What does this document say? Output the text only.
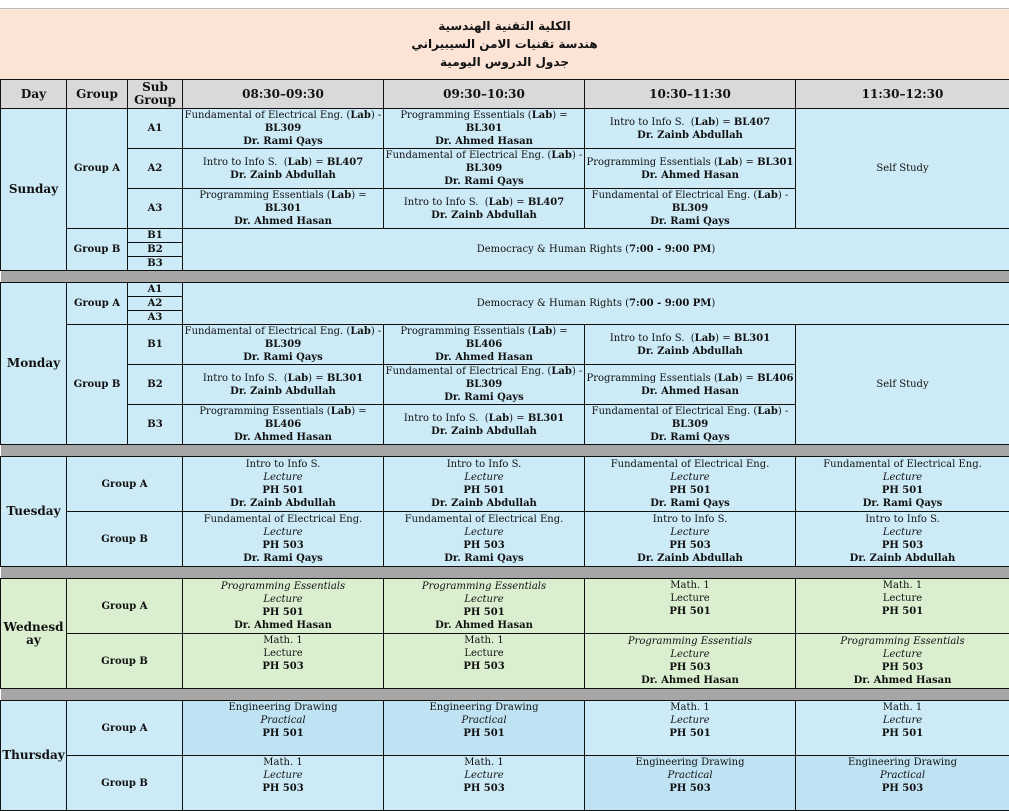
الكلية التقنية الهندسية
هندسة تقنيات الامن السيبيراني
جدول الدروس اليومية
Day	Group	Sub Group	08:30–09:30	09:30–10:30	10:30–11:30	11:30–12:30
Sunday	Group A	A1	Fundamental of Electrical Eng. (Lab) -
BL309
Dr. Rami Qays	Programming Essentials (Lab) = BL301
Dr. Ahmed Hasan	Intro to Info S. (Lab) = BL407
Dr. Zainb Abdullah	Self Study
		A2	Intro to Info S. (Lab) = BL407
Dr. Zainb Abdullah	Fundamental of Electrical Eng. (Lab) -
BL309
Dr. Rami Qays	Programming Essentials (Lab) = BL301
Dr. Ahmed Hasan	
		A3	Programming Essentials (Lab) = BL301
Dr. Ahmed Hasan	Intro to Info S. (Lab) = BL407
Dr. Zainb Abdullah	Fundamental of Electrical Eng. (Lab) -
BL309
Dr. Rami Qays	
	Group B	B1	Democracy & Human Rights (7:00 - 9:00 PM)			
		B2				
		B3				

Monday	Group A	A1	Democracy & Human Rights (7:00 - 9:00 PM)			
		A2				
		A3				
	Group B	B1	Fundamental of Electrical Eng. (Lab) -
BL309
Dr. Rami Qays	Programming Essentials (Lab) = BL406
Dr. Ahmed Hasan	Intro to Info S. (Lab) = BL301
Dr. Zainb Abdullah	Self Study
		B2	Intro to Info S. (Lab) = BL301
Dr. Zainb Abdullah	Fundamental of Electrical Eng. (Lab) -
BL309
Dr. Rami Qays	Programming Essentials (Lab) = BL406
Dr. Ahmed Hasan	
		B3	Programming Essentials (Lab) = BL406
Dr. Ahmed Hasan	Intro to Info S. (Lab) = BL301
Dr. Zainb Abdullah	Fundamental of Electrical Eng. (Lab) -
BL309
Dr. Rami Qays	

Tuesday	Group A		Intro to Info S.
Lecture
PH 501
Dr. Zainb Abdullah	Intro to Info S.
Lecture
PH 501
Dr. Zainb Abdullah	Fundamental of Electrical Eng.
Lecture
PH 501
Dr. Rami Qays	Fundamental of Electrical Eng.
Lecture
PH 501
Dr. Rami Qays

	Group B		Fundamental of Electrical Eng.
Lecture
PH 503
Dr. Rami Qays	Fundamental of Electrical Eng.
Lecture
PH 503
Dr. Rami Qays	Intro to Info S.
Lecture
PH 503
Dr. Zainb Abdullah	Intro to Info S.
Lecture
PH 503
Dr. Zainb Abdullah

Wednesday	Group A		Programming Essentials
Lecture
PH 501
Dr. Ahmed Hasan	Programming Essentials
Lecture
PH 501
Dr. Ahmed Hasan	Math. 1
Lecture
PH 501	Math. 1
Lecture
PH 501

	Group B		Math. 1
Lecture
PH 503	Math. 1
Lecture
PH 503	Programming Essentials
Lecture
PH 503
Dr. Ahmed Hasan	Programming Essentials
Lecture
PH 503
Dr. Ahmed Hasan

Thursday	Group A		Engineering Drawing
Practical
PH 501	Engineering Drawing
Practical
PH 501	Math. 1
Lecture
PH 501	Math. 1
Lecture
PH 501

	Group B		Math. 1
Lecture
PH 503	Math. 1
Lecture
PH 503	Engineering Drawing
Practical
PH 503	Engineering Drawing
Practical
PH 503
